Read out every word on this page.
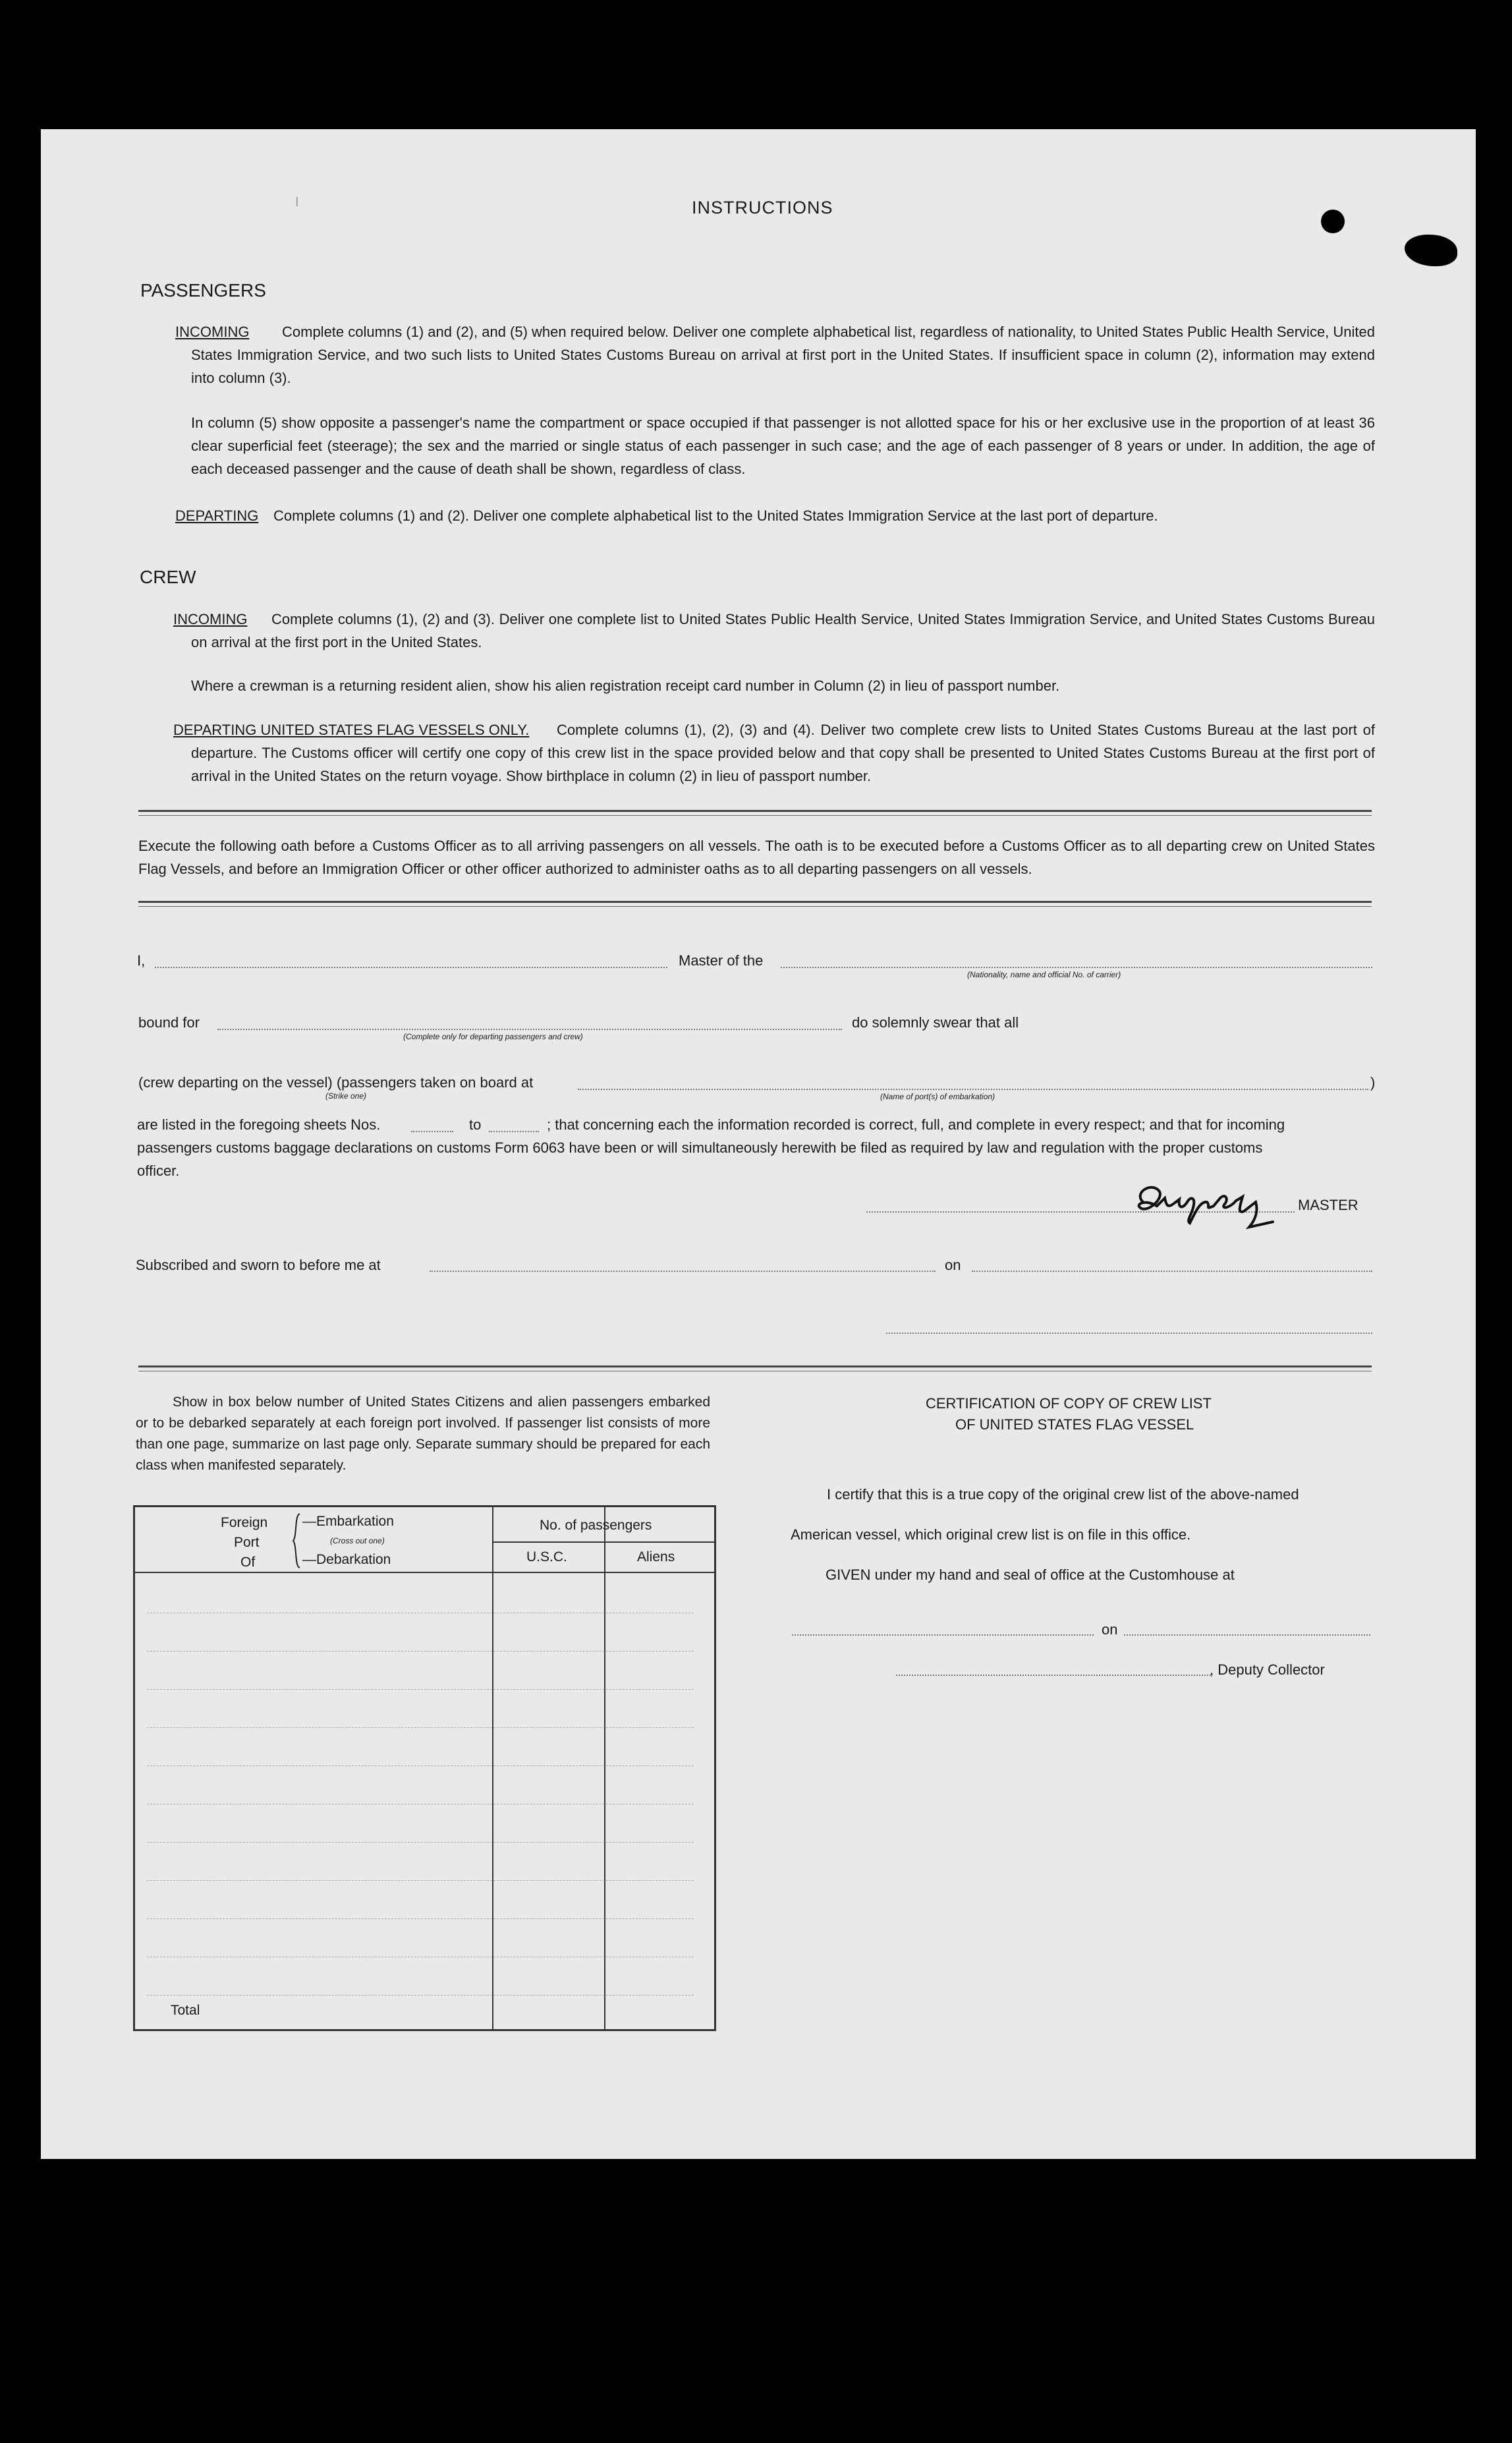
I	INSTRUCTIONS
PASSENGERS
INCOMING	Complete columns (1) and (2), and (5) when required below. Deliver one complete alphabetical list, regardless of nationality, to United States Public Health Service, United States Immigration Service, and two such lists to United States Customs Bureau on arrival at first port in the United States. If insufficient space in column (2), information may extend into column (3).
In column (5) show opposite a passenger's name the compartment or space occupied if that passenger is not allotted space for his or her exclusive use in the proportion of at least 36 clear superficial feet (steerage); the sex and the married or single status of each passenger in such case; and the age of each passenger of 8 years or under. In addition, the age of each deceased passenger and the cause of death shall be shown, regardless of class.
DEPARTING Complete columns (1) and (2). Deliver one complete alphabetical list to the United States Immigration Service at the last port of departure.
CREW
INCOMING	Complete columns (1), (2) and (3). Deliver one complete list to United States Public Health Service, United States Immigration Service, and United States Customs Bureau on arrival at the first port in the United States.
Where a crewman is a returning resident alien, show his alien registration receipt card number in Column (2) in lieu of passport number.
DEPARTING UNITED STATES FLAG VESSELS ONLY.	Complete columns (1), (2), (3) and (4). Deliver two complete crew lists to United States Customs Bureau at the last port of departure. The Customs officer will certify one copy of this crew list in the space provided below and that copy shall be presented to United States Customs Bureau at the first port of arrival in the United States on the return voyage. Show birthplace in column (2) in lieu of passport number.
Execute the following oath before a Customs Officer as to all arriving passengers on all vessels. The oath is to be executed before a Customs Officer as to all departing crew on United States Flag Vessels, and before an Immigration Officer or other officer authorized to administer oaths as to all departing passengers on all vessels.
I,	Master of the
(Nationality, name and official No. of carrier)
bound for
(Complete only for departing passengers and crew)
do solemnly swear that all
(crew departing on the vessel) (passengers taken on board at
(Strike one)	(Name of port(s) of embarkation)
)
are listed in the foregoing sheets Nos.	to	; that concerning each the information recorded is correct, full, and complete in every respect; and that for incoming
passengers customs baggage declarations on customs Form 6063 have been or will simultaneously herewith be filed as required by law and regulation with the proper customs
officer.
MASTER
Subscribed and sworn to before me at	on
Show in box below number of United States Citizens and alien passengers embarked or to be debarked separately at each foreign port involved. If passenger list consists of more than one page, summarize on last page only. Separate summary should be prepared for each class when manifested separately.
Foreign
Port
Of
—Embarkation
(Cross out one)
—Debarkation
No. of passengers
U.S.C.	Aliens
Total
CERTIFICATION OF COPY OF CREW LIST
OF UNITED STATES FLAG VESSEL
I certify that this is a true copy of the original crew list of the above-named
American vessel, which original crew list is on file in this office.
GIVEN under my hand and seal of office at the Customhouse at
on
, Deputy Collector
